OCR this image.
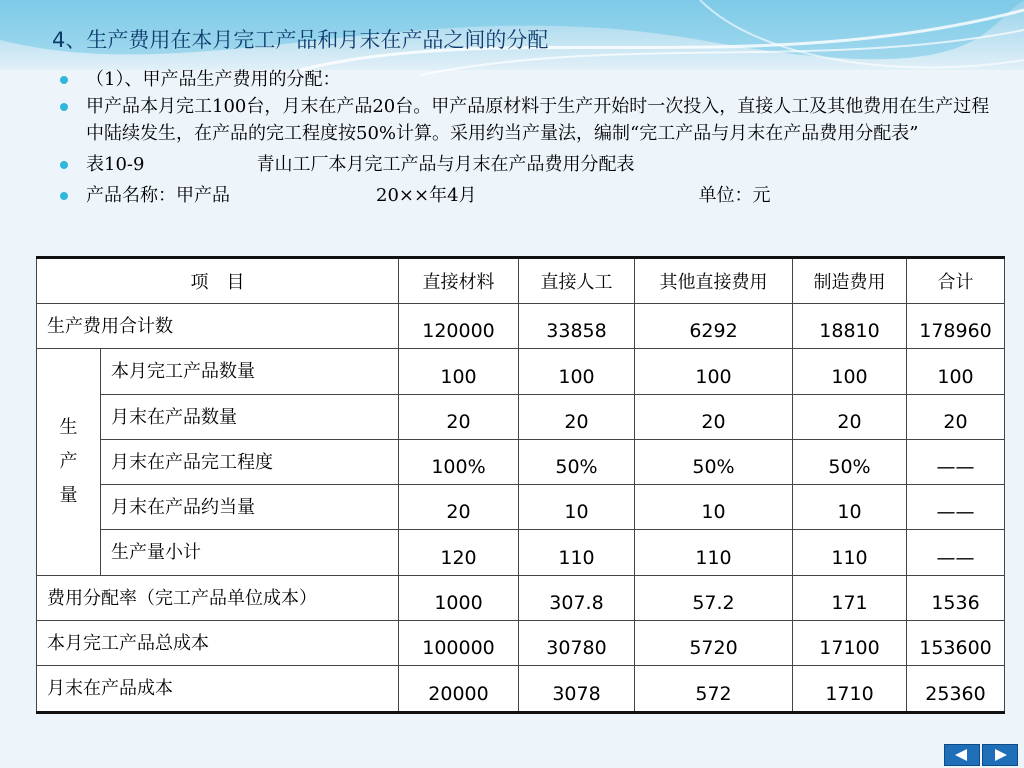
4、生产费用在本月完工产品和月末在产品之间的分配
（1）、甲产品生产费用的分配：
甲产品本月完工100台，月末在产品20台。甲产品原材料于生产开始时一次投入，直接人工及其他费用在生产过程中陆续发生，在产品的完工程度按50%计算。采用约当产量法，编制“完工产品与月末在产品费用分配表”
表10-9	青山工厂本月完工产品与月末在产品费用分配表
产品名称：甲产品	20××年4月	单位：元
项　目		直接材料	直接人工	其他直接费用	制造费用	合计
生产费用合计数		120000	33858	6292	18810	178960
生
产
量	本月完工产品数量	100	100	100	100	100
	月末在产品数量	20	20	20	20	20
	月末在产品完工程度	100%	50%	50%	50%	——
	月末在产品约当量	20	10	10	10	——
	生产量小计	120	110	110	110	——
费用分配率（完工产品单位成本）		1000	307.8	57.2	171	1536
本月完工产品总成本		100000	30780	5720	17100	153600
月末在产品成本		20000	3078	572	1710	25360
